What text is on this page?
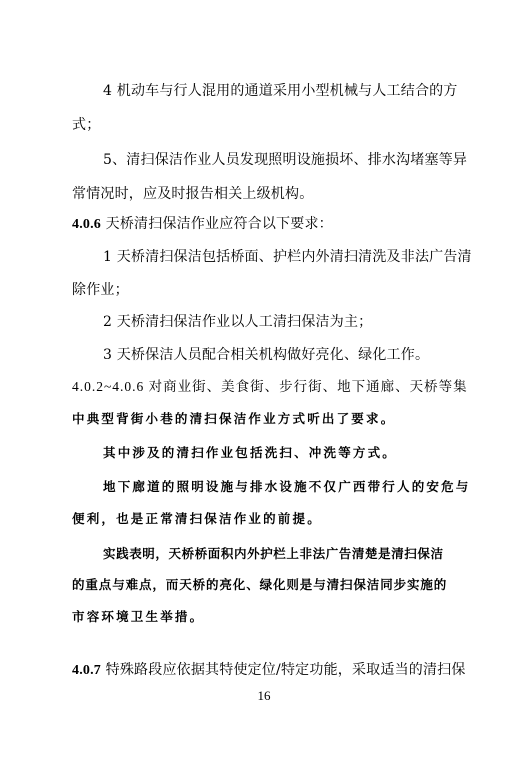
4 机动车与行人混用的通道采用小型机械与人工结合的方
式；
5、清扫保洁作业人员发现照明设施损坏、排水沟堵塞等异
常情况时，应及时报告相关上级机构。
4.0.6 天桥清扫保洁作业应符合以下要求：
1 天桥清扫保洁包括桥面、护栏内外清扫清洗及非法广告清
除作业；
2 天桥清扫保洁作业以人工清扫保洁为主；
3 天桥保洁人员配合相关机构做好亮化、绿化工作。
4.0.2~4.0.6 对商业街、美食街、步行街、地下通廊、天桥等集
中典型背街小巷的清扫保洁作业方式听出了要求。
其中涉及的清扫作业包括洗扫、冲洗等方式。
地下廊道的照明设施与排水设施不仅广西带行人的安危与
便利，也是正常清扫保洁作业的前提。
实践表明，天桥桥面积内外护栏上非法广告清楚是清扫保洁
的重点与难点，而天桥的亮化、绿化则是与清扫保洁同步实施的
市容环境卫生举措。
4.0.7 特殊路段应依据其特使定位/特定功能，采取适当的清扫保
16
